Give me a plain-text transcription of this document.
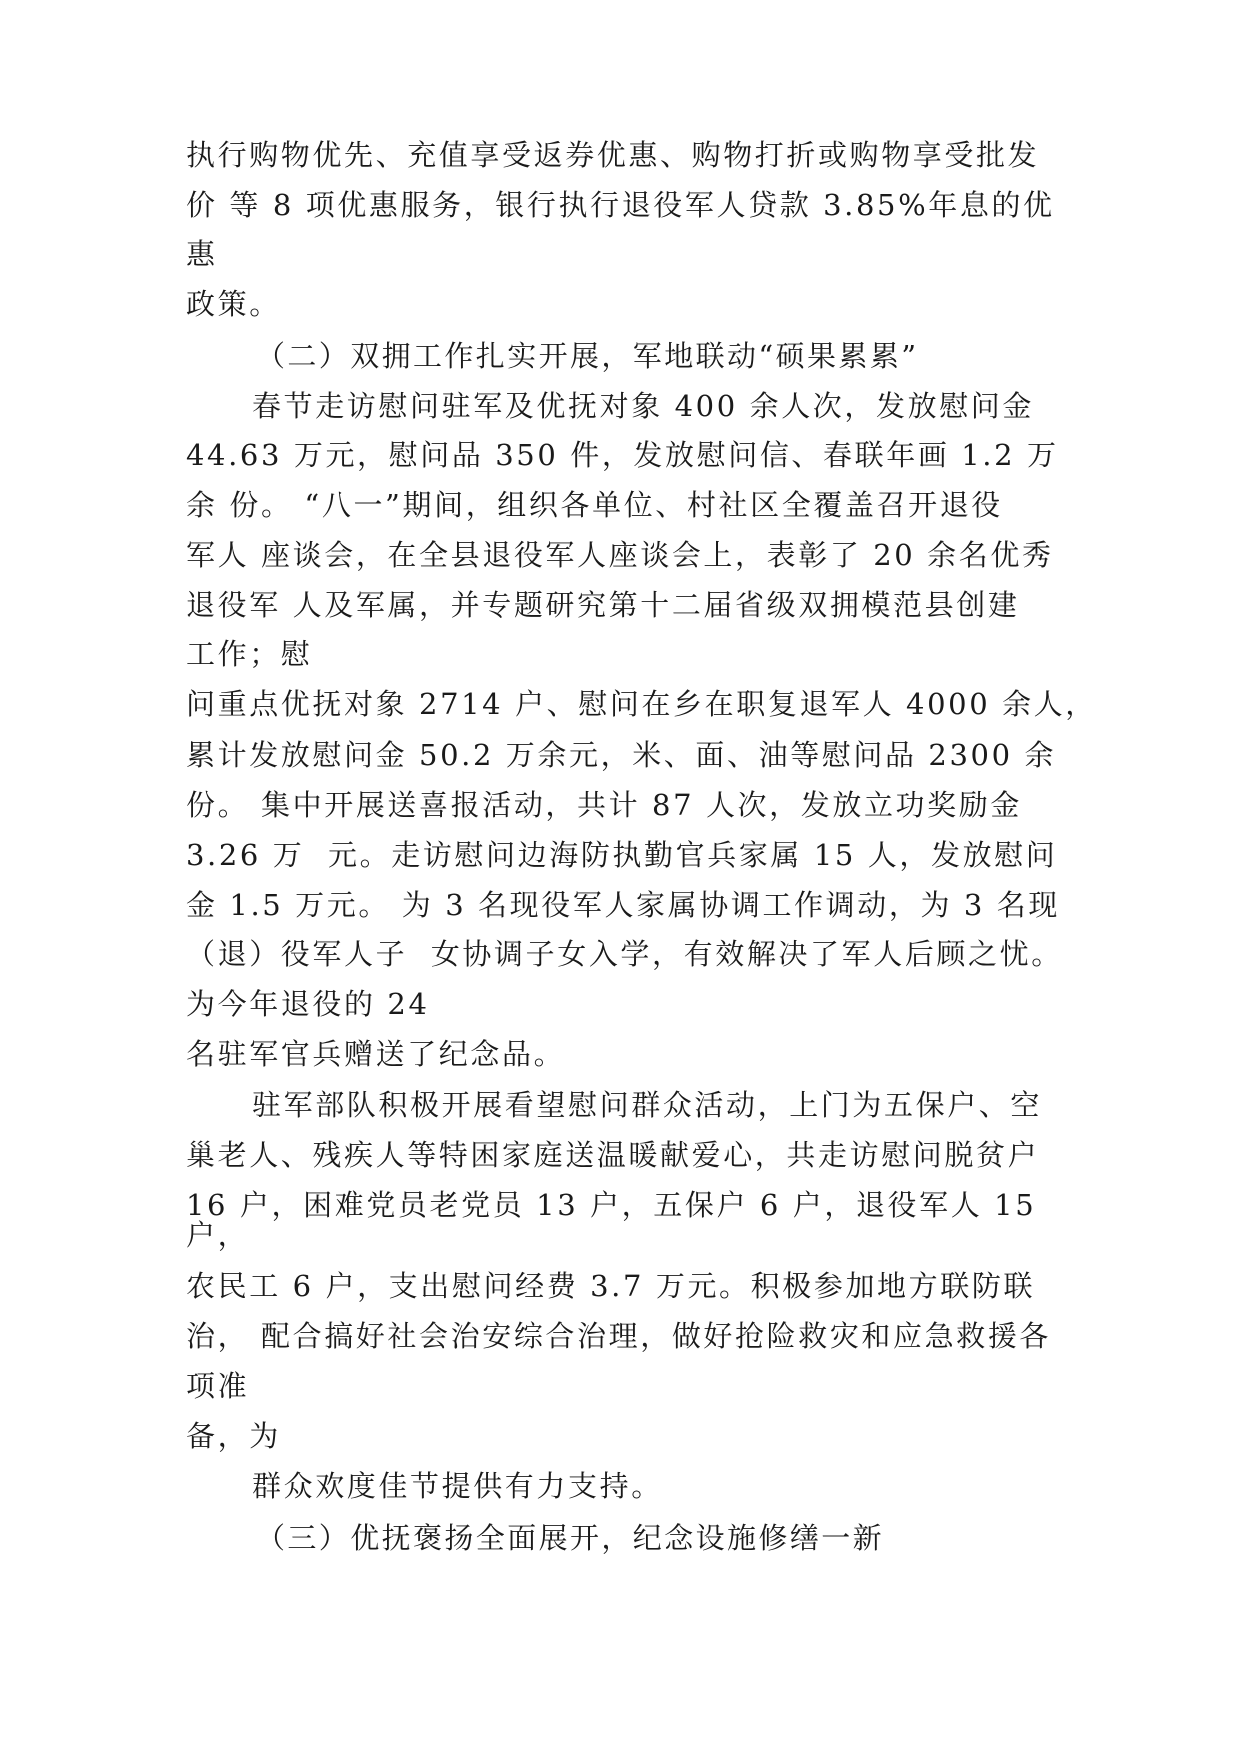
执行购物优先、充值享受返券优惠、购物打折或购物享受批发

价 等 8 项优惠服务，银行执行退役军人贷款 3.85%年息的优

惠

政策。

（二）双拥工作扎实开展，军地联动“硕果累累”

春节走访慰问驻军及优抚对象 400 余人次，发放慰问金

44.63 万元，慰问品 350 件，发放慰问信、春联年画 1.2 万

余 份。 “八一”期间，组织各单位、村社区全覆盖召开退役

军人 座谈会，在全县退役军人座谈会上，表彰了 20 余名优秀

退役军 人及军属，并专题研究第十二届省级双拥模范县创建

工作；慰

问重点优抚对象 2714 户、慰问在乡在职复退军人 4000 余人，

累计发放慰问金 50.2 万余元，米、面、油等慰问品 2300 余

份。 集中开展送喜报活动，共计 87 人次，发放立功奖励金

3.26 万  元。走访慰问边海防执勤官兵家属 15 人，发放慰问

金 1.5 万元。 为 3 名现役军人家属协调工作调动，为 3 名现

（退）役军人子  女协调子女入学，有效解决了军人后顾之忧。

为今年退役的 24

名驻军官兵赠送了纪念品。

驻军部队积极开展看望慰问群众活动，上门为五保户、空

巢老人、残疾人等特困家庭送温暖献爱心，共走访慰问脱贫户

16 户，困难党员老党员 13 户，五保户 6 户，退役军人 15

户，

农民工 6 户，支出慰问经费 3.7 万元。积极参加地方联防联

治， 配合搞好社会治安综合治理，做好抢险救灾和应急救援各

项准

备，为

群众欢度佳节提供有力支持。

（三）优抚褒扬全面展开，纪念设施修缮一新
